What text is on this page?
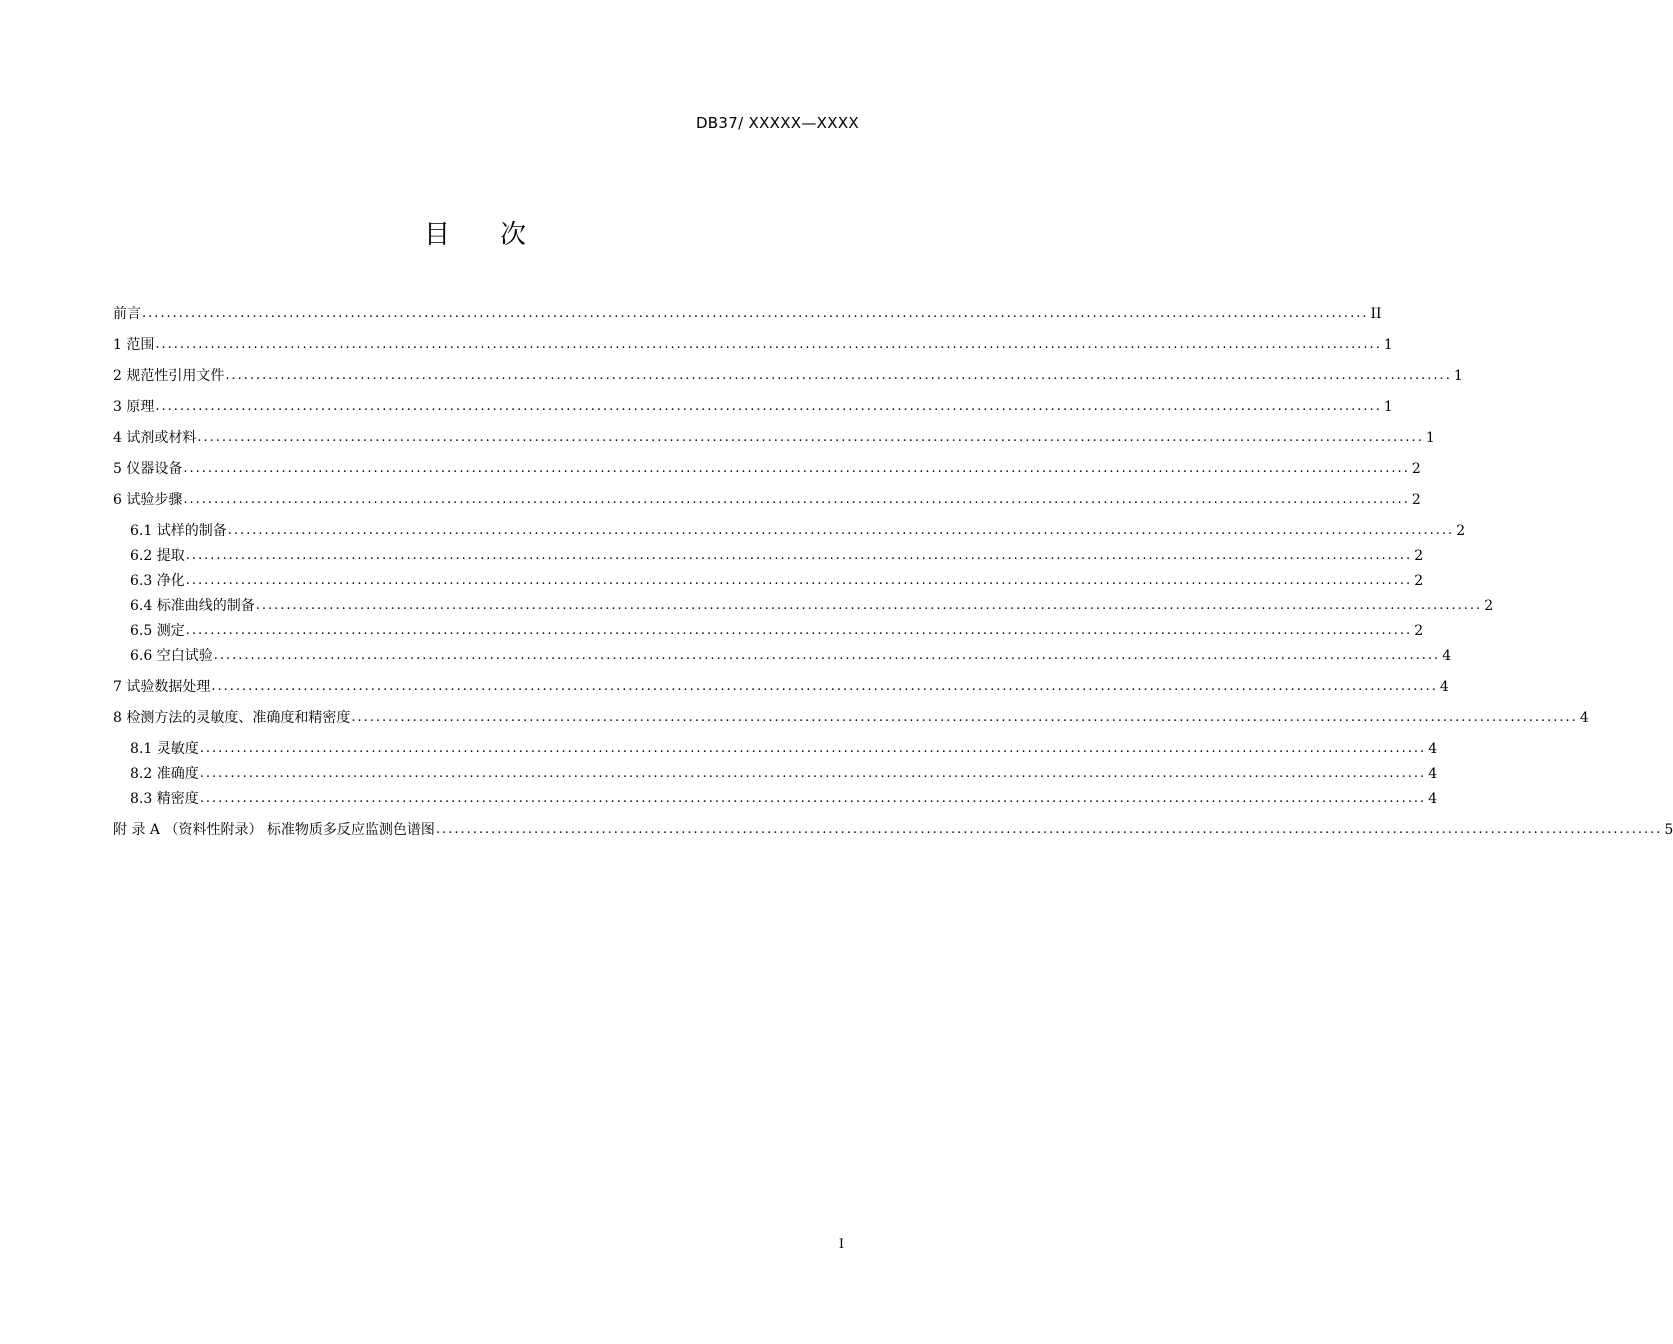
DB37/ XXXXX—XXXX
目 次
前言 ........................................................................................................................................................................................................ II
1 范围 ........................................................................................................................................................................................................ 1
2 规范性引用文件 ........................................................................................................................................................................................................ 1
3 原理 ........................................................................................................................................................................................................ 1
4 试剂或材料 ........................................................................................................................................................................................................ 1
5 仪器设备 ........................................................................................................................................................................................................ 2
6 试验步骤 ........................................................................................................................................................................................................ 2
6.1 试样的制备 ........................................................................................................................................................................................................ 2
6.2 提取 ........................................................................................................................................................................................................ 2
6.3 净化 ........................................................................................................................................................................................................ 2
6.4 标准曲线的制备 ........................................................................................................................................................................................................ 2
6.5 测定 ........................................................................................................................................................................................................ 2
6.6 空白试验 ........................................................................................................................................................................................................ 4
7 试验数据处理 ........................................................................................................................................................................................................ 4
8 检测方法的灵敏度、准确度和精密度 ........................................................................................................................................................................................................ 4
8.1 灵敏度 ........................................................................................................................................................................................................ 4
8.2 准确度 ........................................................................................................................................................................................................ 4
8.3 精密度 ........................................................................................................................................................................................................ 4
附 录 A （资料性附录） 标准物质多反应监测色谱图 ........................................................................................................................................................................................................ 5
I
